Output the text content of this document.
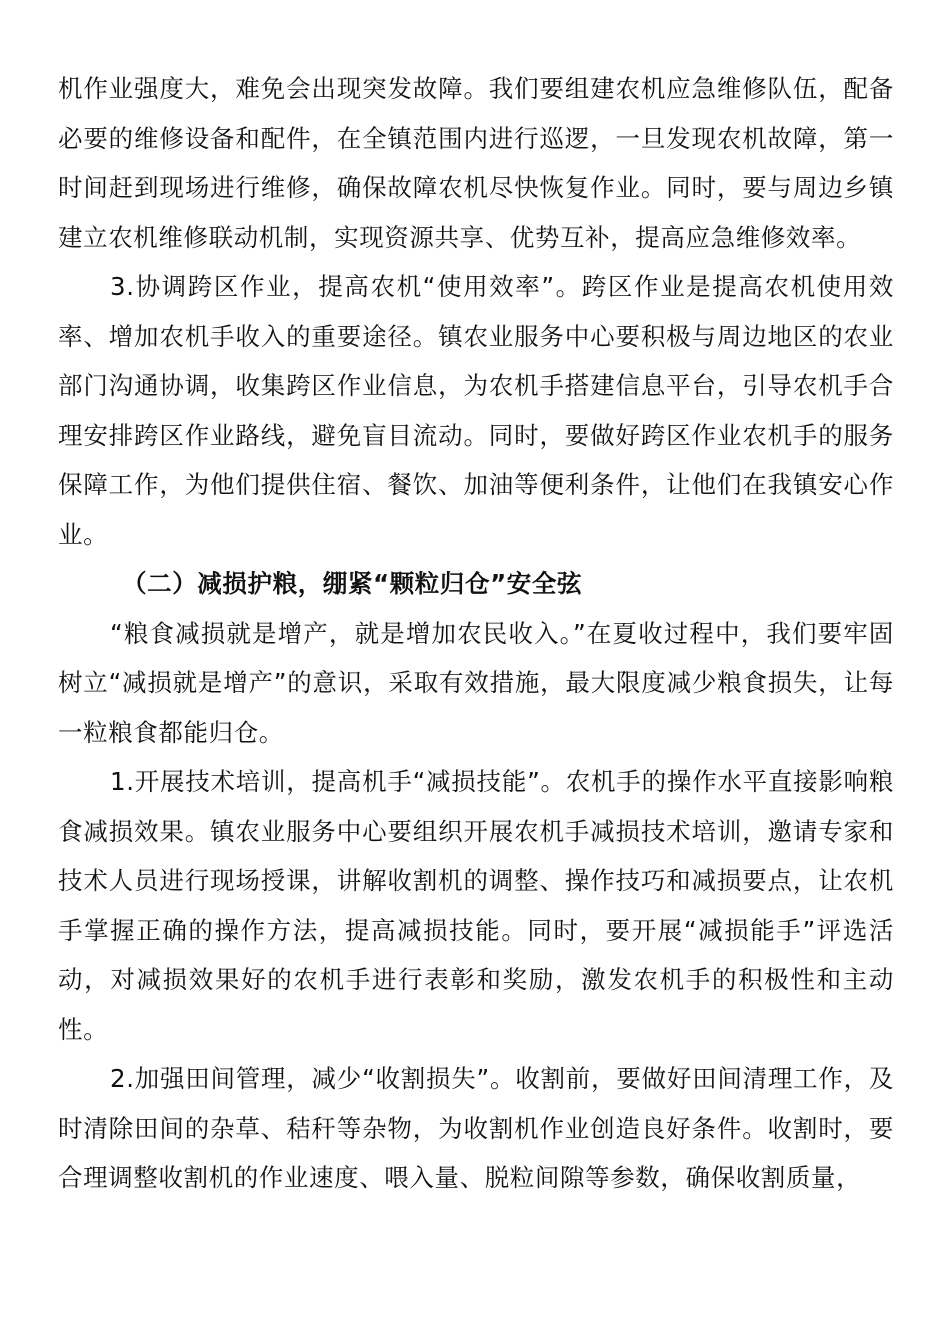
机作业强度大，难免会出现突发故障。我们要组建农机应急维修队伍，配备必要的维修设备和配件，在全镇范围内进行巡逻，一旦发现农机故障，第一时间赶到现场进行维修，确保故障农机尽快恢复作业。同时，要与周边乡镇建立农机维修联动机制，实现资源共享、优势互补，提高应急维修效率。

3.协调跨区作业，提高农机“使用效率”。跨区作业是提高农机使用效率、增加农机手收入的重要途径。镇农业服务中心要积极与周边地区的农业部门沟通协调，收集跨区作业信息，为农机手搭建信息平台，引导农机手合理安排跨区作业路线，避免盲目流动。同时，要做好跨区作业农机手的服务保障工作，为他们提供住宿、餐饮、加油等便利条件，让他们在我镇安心作业。

（二）减损护粮，绷紧“颗粒归仓”安全弦

“粮食减损就是增产，就是增加农民收入。”在夏收过程中，我们要牢固树立“减损就是增产”的意识，采取有效措施，最大限度减少粮食损失，让每一粒粮食都能归仓。

1.开展技术培训，提高机手“减损技能”。农机手的操作水平直接影响粮食减损效果。镇农业服务中心要组织开展农机手减损技术培训，邀请专家和技术人员进行现场授课，讲解收割机的调整、操作技巧和减损要点，让农机手掌握正确的操作方法，提高减损技能。同时，要开展“减损能手”评选活动，对减损效果好的农机手进行表彰和奖励，激发农机手的积极性和主动性。

2.加强田间管理，减少“收割损失”。收割前，要做好田间清理工作，及时清除田间的杂草、秸秆等杂物，为收割机作业创造良好条件。收割时，要合理调整收割机的作业速度、喂入量、脱粒间隙等参数，确保收割质量，
